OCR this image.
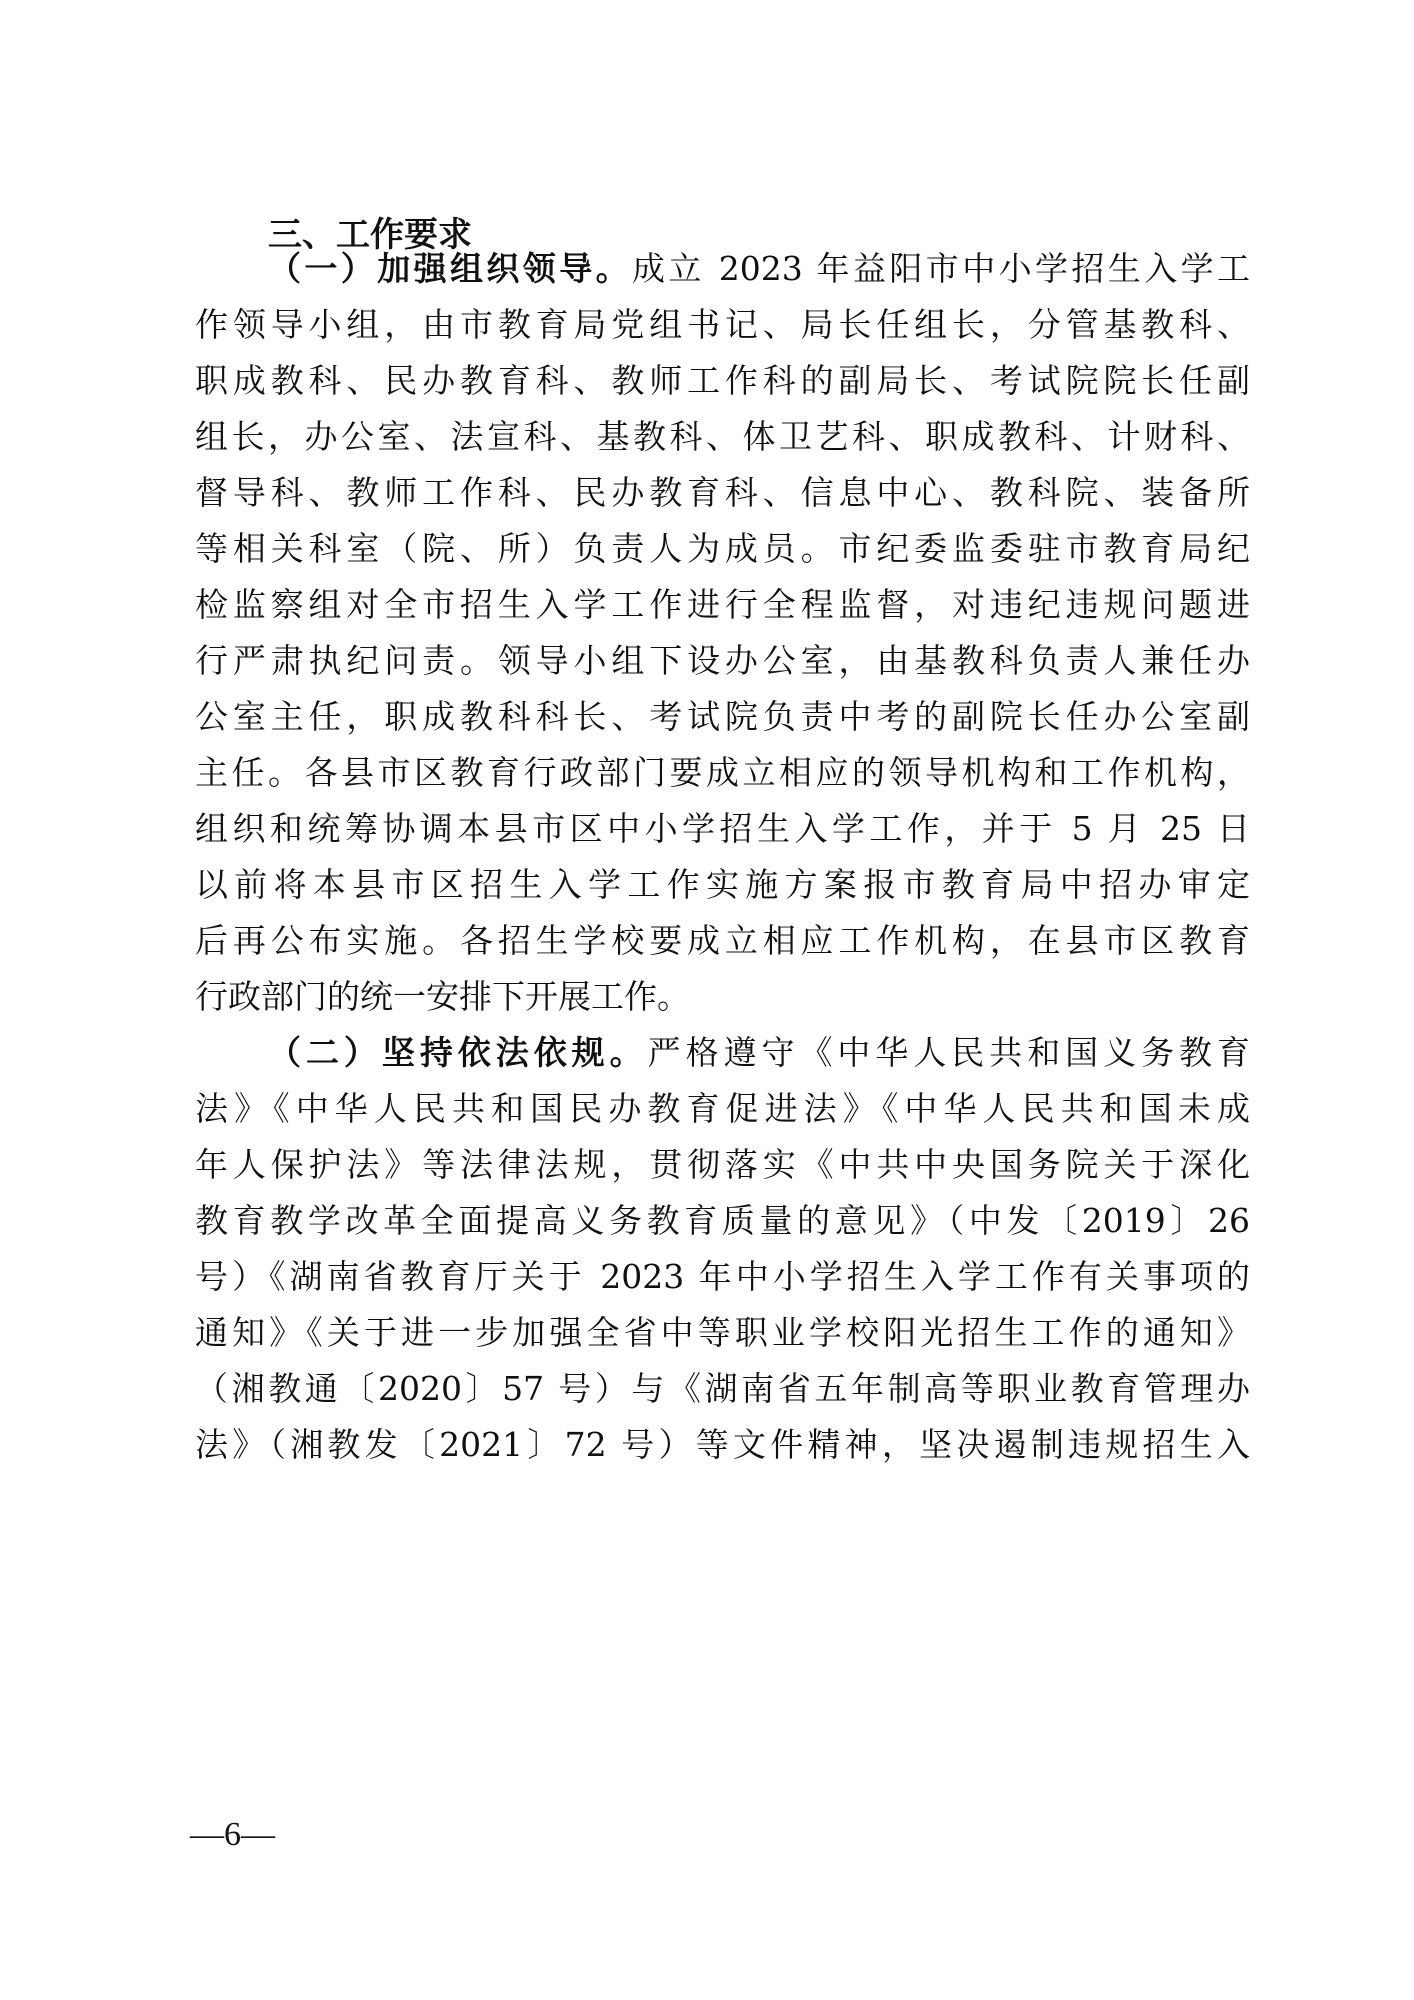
三、工作要求
（一）加强组织领导。成立 2023 年益阳市中小学招生入学工
作领导小组，由市教育局党组书记、局长任组长，分管基教科、
职成教科、民办教育科、教师工作科的副局长、考试院院长任副
组长，办公室、法宣科、基教科、体卫艺科、职成教科、计财科、
督导科、教师工作科、民办教育科、信息中心、教科院、装备所
等相关科室（院、所）负责人为成员。市纪委监委驻市教育局纪
检监察组对全市招生入学工作进行全程监督，对违纪违规问题进
行严肃执纪问责。领导小组下设办公室，由基教科负责人兼任办
公室主任，职成教科科长、考试院负责中考的副院长任办公室副
主任。各县市区教育行政部门要成立相应的领导机构和工作机构，
组织和统筹协调本县市区中小学招生入学工作，并于 5 月 25 日
以前将本县市区招生入学工作实施方案报市教育局中招办审定
后再公布实施。各招生学校要成立相应工作机构，在县市区教育
行政部门的统一安排下开展工作。
（二）坚持依法依规。严格遵守《中华人民共和国义务教育
法》《中华人民共和国民办教育促进法》《中华人民共和国未成
年人保护法》等法律法规，贯彻落实《中共中央国务院关于深化
教育教学改革全面提高义务教育质量的意见》（中发〔2019〕26
号）《湖南省教育厅关于 2023 年中小学招生入学工作有关事项的
通知》《关于进一步加强全省中等职业学校阳光招生工作的通知》
（湘教通〔2020〕57 号）与《湖南省五年制高等职业教育管理办
法》（湘教发〔2021〕72 号）等文件精神，坚决遏制违规招生入
—6—
